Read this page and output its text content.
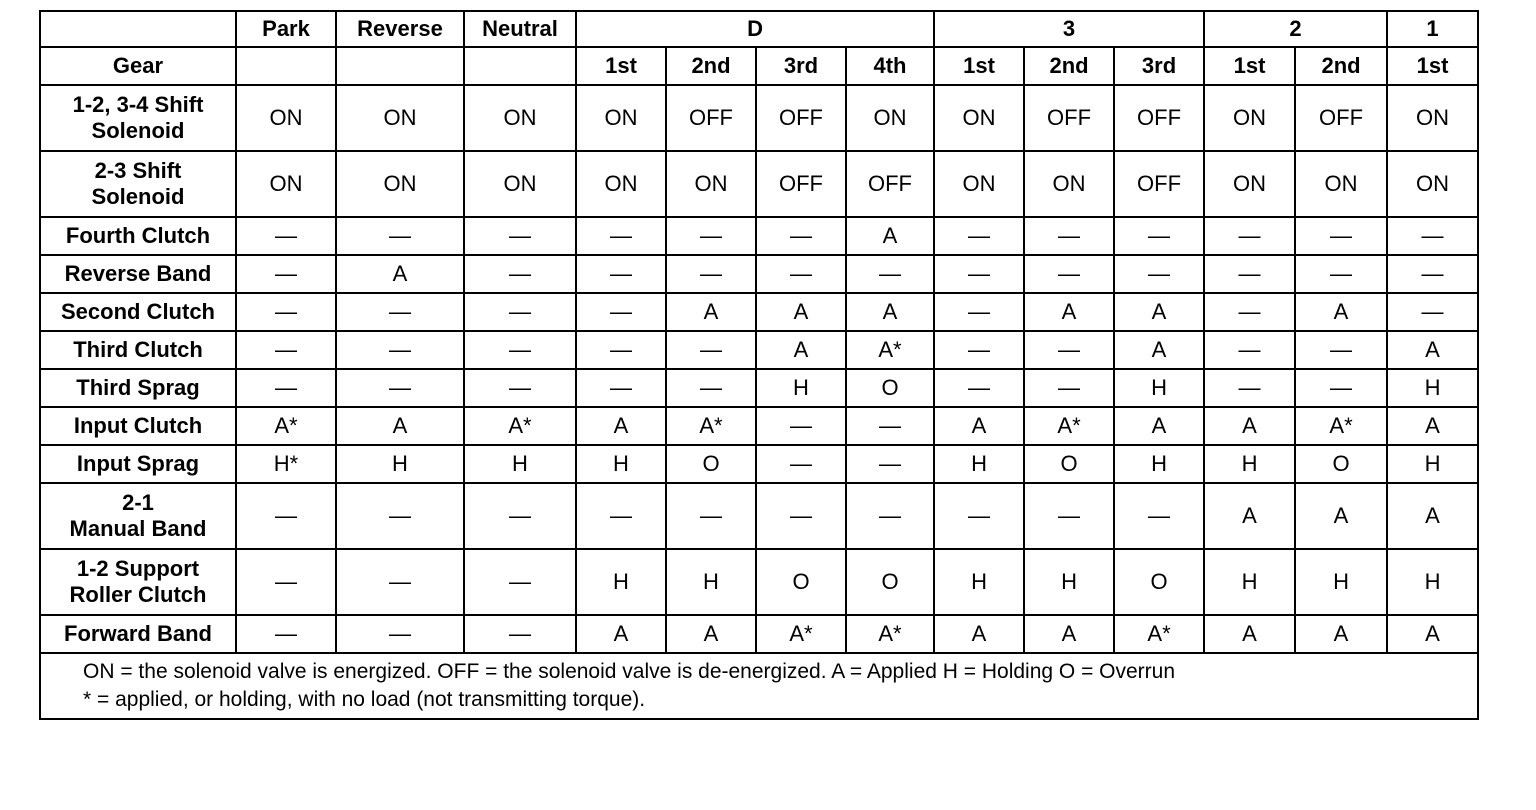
	Park	Reverse	Neutral	D				3			2		1
Gear				1st	2nd	3rd	4th	1st	2nd	3rd	1st	2nd	1st

1-2, 3-4 Shift
Solenoid	ON	ON	ON	ON	OFF	OFF	ON	ON	OFF	OFF	ON	OFF	ON

2-3 Shift
Solenoid	ON	ON	ON	ON	ON	OFF	OFF	ON	ON	OFF	ON	ON	ON

Fourth Clutch	—	—	—	—	—	—	A	—	—	—	—	—	—

Reverse Band	—	A	—	—	—	—	—	—	—	—	—	—	—

Second Clutch	—	—	—	—	A	A	A	—	A	A	—	A	—

Third Clutch	—	—	—	—	—	A	A*	—	—	A	—	—	A

Third Sprag	—	—	—	—	—	H	O	—	—	H	—	—	H

Input Clutch	A*	A	A*	A	A*	—	—	A	A*	A	A	A*	A

Input Sprag	H*	H	H	H	O	—	—	H	O	H	H	O	H

2-1
Manual Band	—	—	—	—	—	—	—	—	—	—	A	A	A

1-2 Support
Roller Clutch	—	—	—	H	H	O	O	H	H	O	H	H	H

Forward Band	—	—	—	A	A	A*	A*	A	A	A*	A	A	A

ON = the solenoid valve is energized. OFF = the solenoid valve is de-energized. A = Applied H = Holding O = Overrun
* = applied, or holding, with no load (not transmitting torque).													
